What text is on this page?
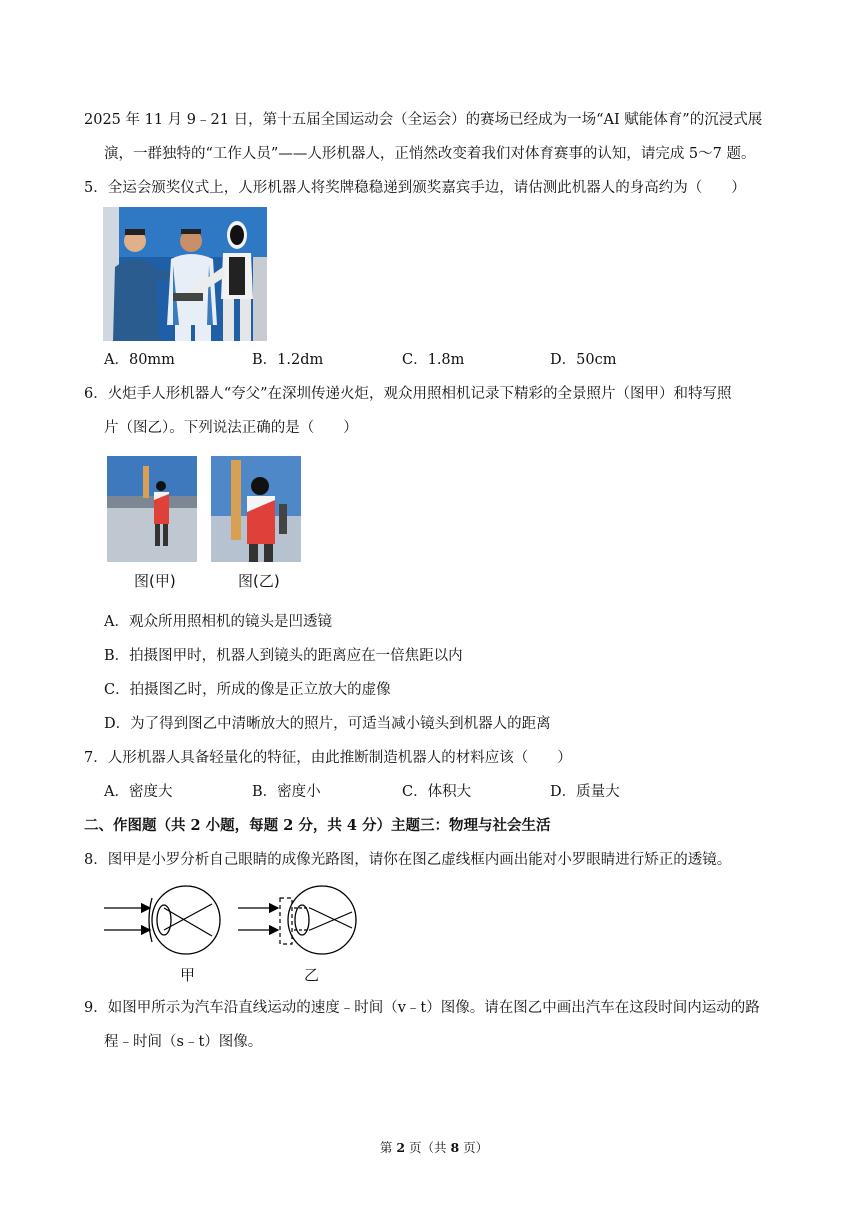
2025 年 11 月 9﹣21 日，第十五届全国运动会（全运会）的赛场已经成为一场“AI 赋能体育”的沉浸式展
演，一群独特的“工作人员”——人形机器人，正悄然改变着我们对体育赛事的认知，请完成 5～7 题。
5．全运会颁奖仪式上，人形机器人将奖牌稳稳递到颁奖嘉宾手边，请估测此机器人的身高约为（　　）
A．80mm	B．1.2dm	C．1.8m	D．50cm
6．火炬手人形机器人“夸父”在深圳传递火炬，观众用照相机记录下精彩的全景照片（图甲）和特写照
片（图乙）。下列说法正确的是（　　）
图(甲)	图(乙)
A．观众所用照相机的镜头是凹透镜
B．拍摄图甲时，机器人到镜头的距离应在一倍焦距以内
C．拍摄图乙时，所成的像是正立放大的虚像
D．为了得到图乙中清晰放大的照片，可适当减小镜头到机器人的距离
7．人形机器人具备轻量化的特征，由此推断制造机器人的材料应该（　　）
A．密度大	B．密度小	C．体积大	D．质量大
二、作图题（共 2 小题，每题 2 分，共 4 分）主题三：物理与社会生活
8．图甲是小罗分析自己眼睛的成像光路图，请你在图乙虚线框内画出能对小罗眼睛进行矫正的透镜。
甲	乙
9．如图甲所示为汽车沿直线运动的速度﹣时间（v﹣t）图像。请在图乙中画出汽车在这段时间内运动的路
程﹣时间（s﹣t）图像。
第 2 页（共 8 页）
